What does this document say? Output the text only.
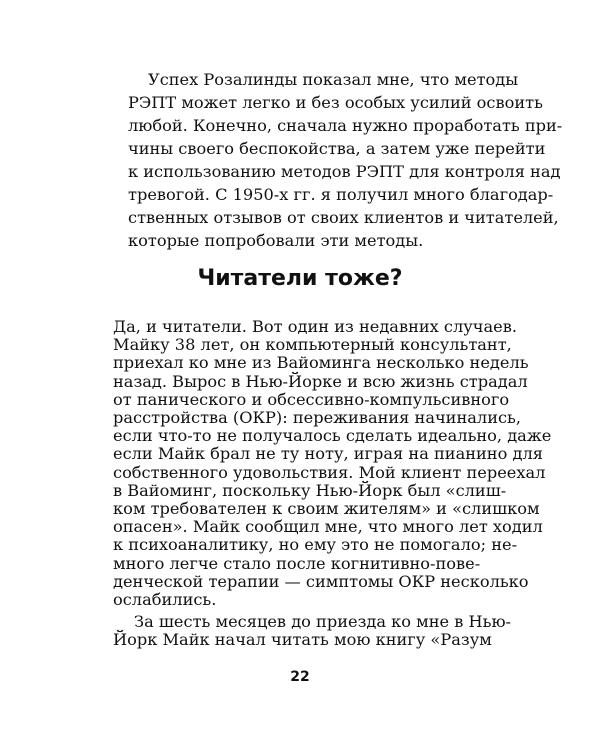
Успех Розалинды показал мне, что методы
РЭПТ может легко и без особых усилий освоить
любой. Конечно, сначала нужно проработать при-
чины своего беспокойства, а затем уже перейти
к использованию методов РЭПТ для контроля над
тревогой. С 1950-х гг. я получил много благодар-
ственных отзывов от своих клиентов и читателей,
которые попробовали эти методы.
Читатели тоже?
Да, и читатели. Вот один из недавних случаев.
Майку 38 лет, он компьютерный консультант,
приехал ко мне из Вайоминга несколько недель
назад. Вырос в Нью-Йорке и всю жизнь страдал
от панического и обсессивно-компульсивного
расстройства (ОКР): переживания начинались,
если что-то не получалось сделать идеально, даже
если Майк брал не ту ноту, играя на пианино для
собственного удовольствия. Мой клиент переехал
в Вайоминг, поскольку Нью-Йорк был «слиш-
ком требователен к своим жителям» и «слишком
опасен». Майк сообщил мне, что много лет ходил
к психоаналитику, но ему это не помогало; не-
много легче стало после когнитивно-пове-
денческой терапии — симптомы ОКР несколько
ослабились.
За шесть месяцев до приезда ко мне в Нью-
Йорк Майк начал читать мою книгу «Разум
22
